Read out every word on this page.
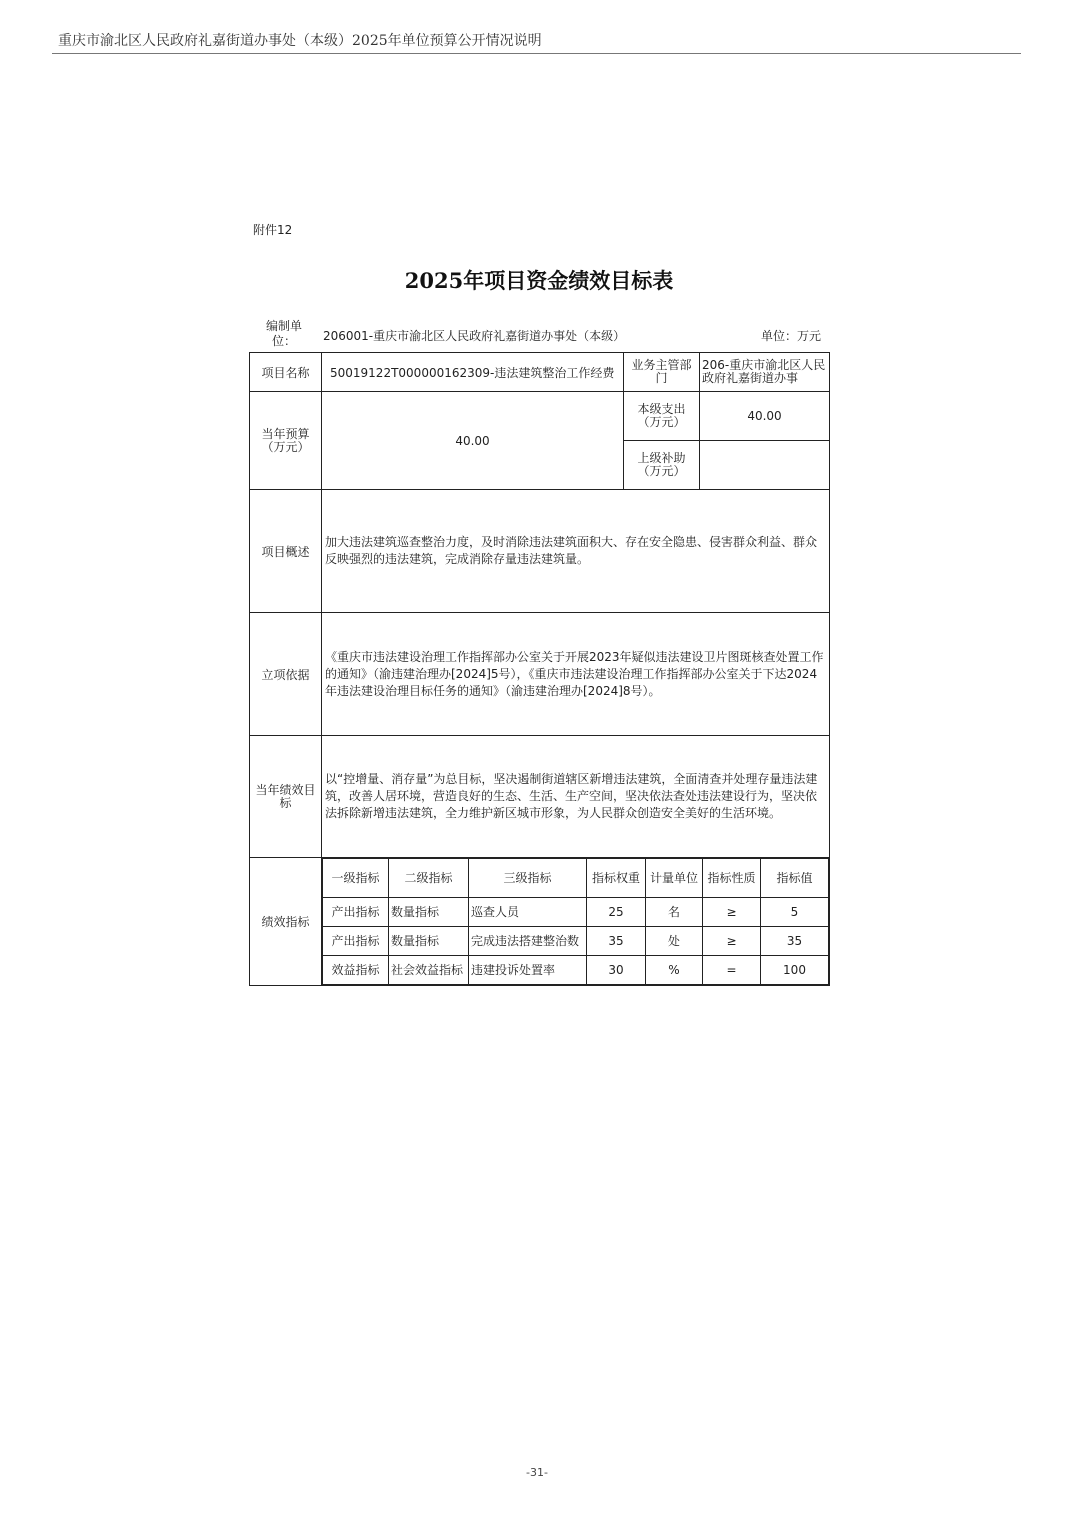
重庆市渝北区人民政府礼嘉街道办事处（本级）2025年单位预算公开情况说明
附件12
2025年项目资金绩效目标表
编制单位：	206001-重庆市渝北区人民政府礼嘉街道办事处（本级）	单位：万元
项目名称	50019122T000000162309-违法建筑整治工作经费	业务主管部门	206-重庆市渝北区人民政府礼嘉街道办事
当年预算（万元）	40.00	本级支出（万元）	40.00
上级补助（万元）	
项目概述	加大违法建筑巡查整治力度，及时消除违法建筑面积大、存在安全隐患、侵害群众利益、群众反映强烈的违法建筑，完成消除存量违法建筑量。
立项依据	《重庆市违法建设治理工作指挥部办公室关于开展2023年疑似违法建设卫片图斑核查处置工作的通知》（渝违建治理办[2024]5号），《重庆市违法建设治理工作指挥部办公室关于下达2024年违法建设治理目标任务的通知》（渝违建治理办[2024]8号）。
当年绩效目标	以“控增量、消存量”为总目标，坚决遏制街道辖区新增违法建筑，全面清查并处理存量违法建筑，改善人居环境，营造良好的生态、生活、生产空间，坚决依法查处违法建设行为，坚决依法拆除新增违法建筑，全力维护新区城市形象，为人民群众创造安全美好的生活环境。
绩效指标	
一级指标	二级指标	三级指标	指标权重	计量单位	指标性质	指标值
产出指标	数量指标	巡查人员	25	名	≥	5
产出指标	数量指标	完成违法搭建整治数	35	处	≥	35
效益指标	社会效益指标	违建投诉处置率	30	%	=	100
-31-
